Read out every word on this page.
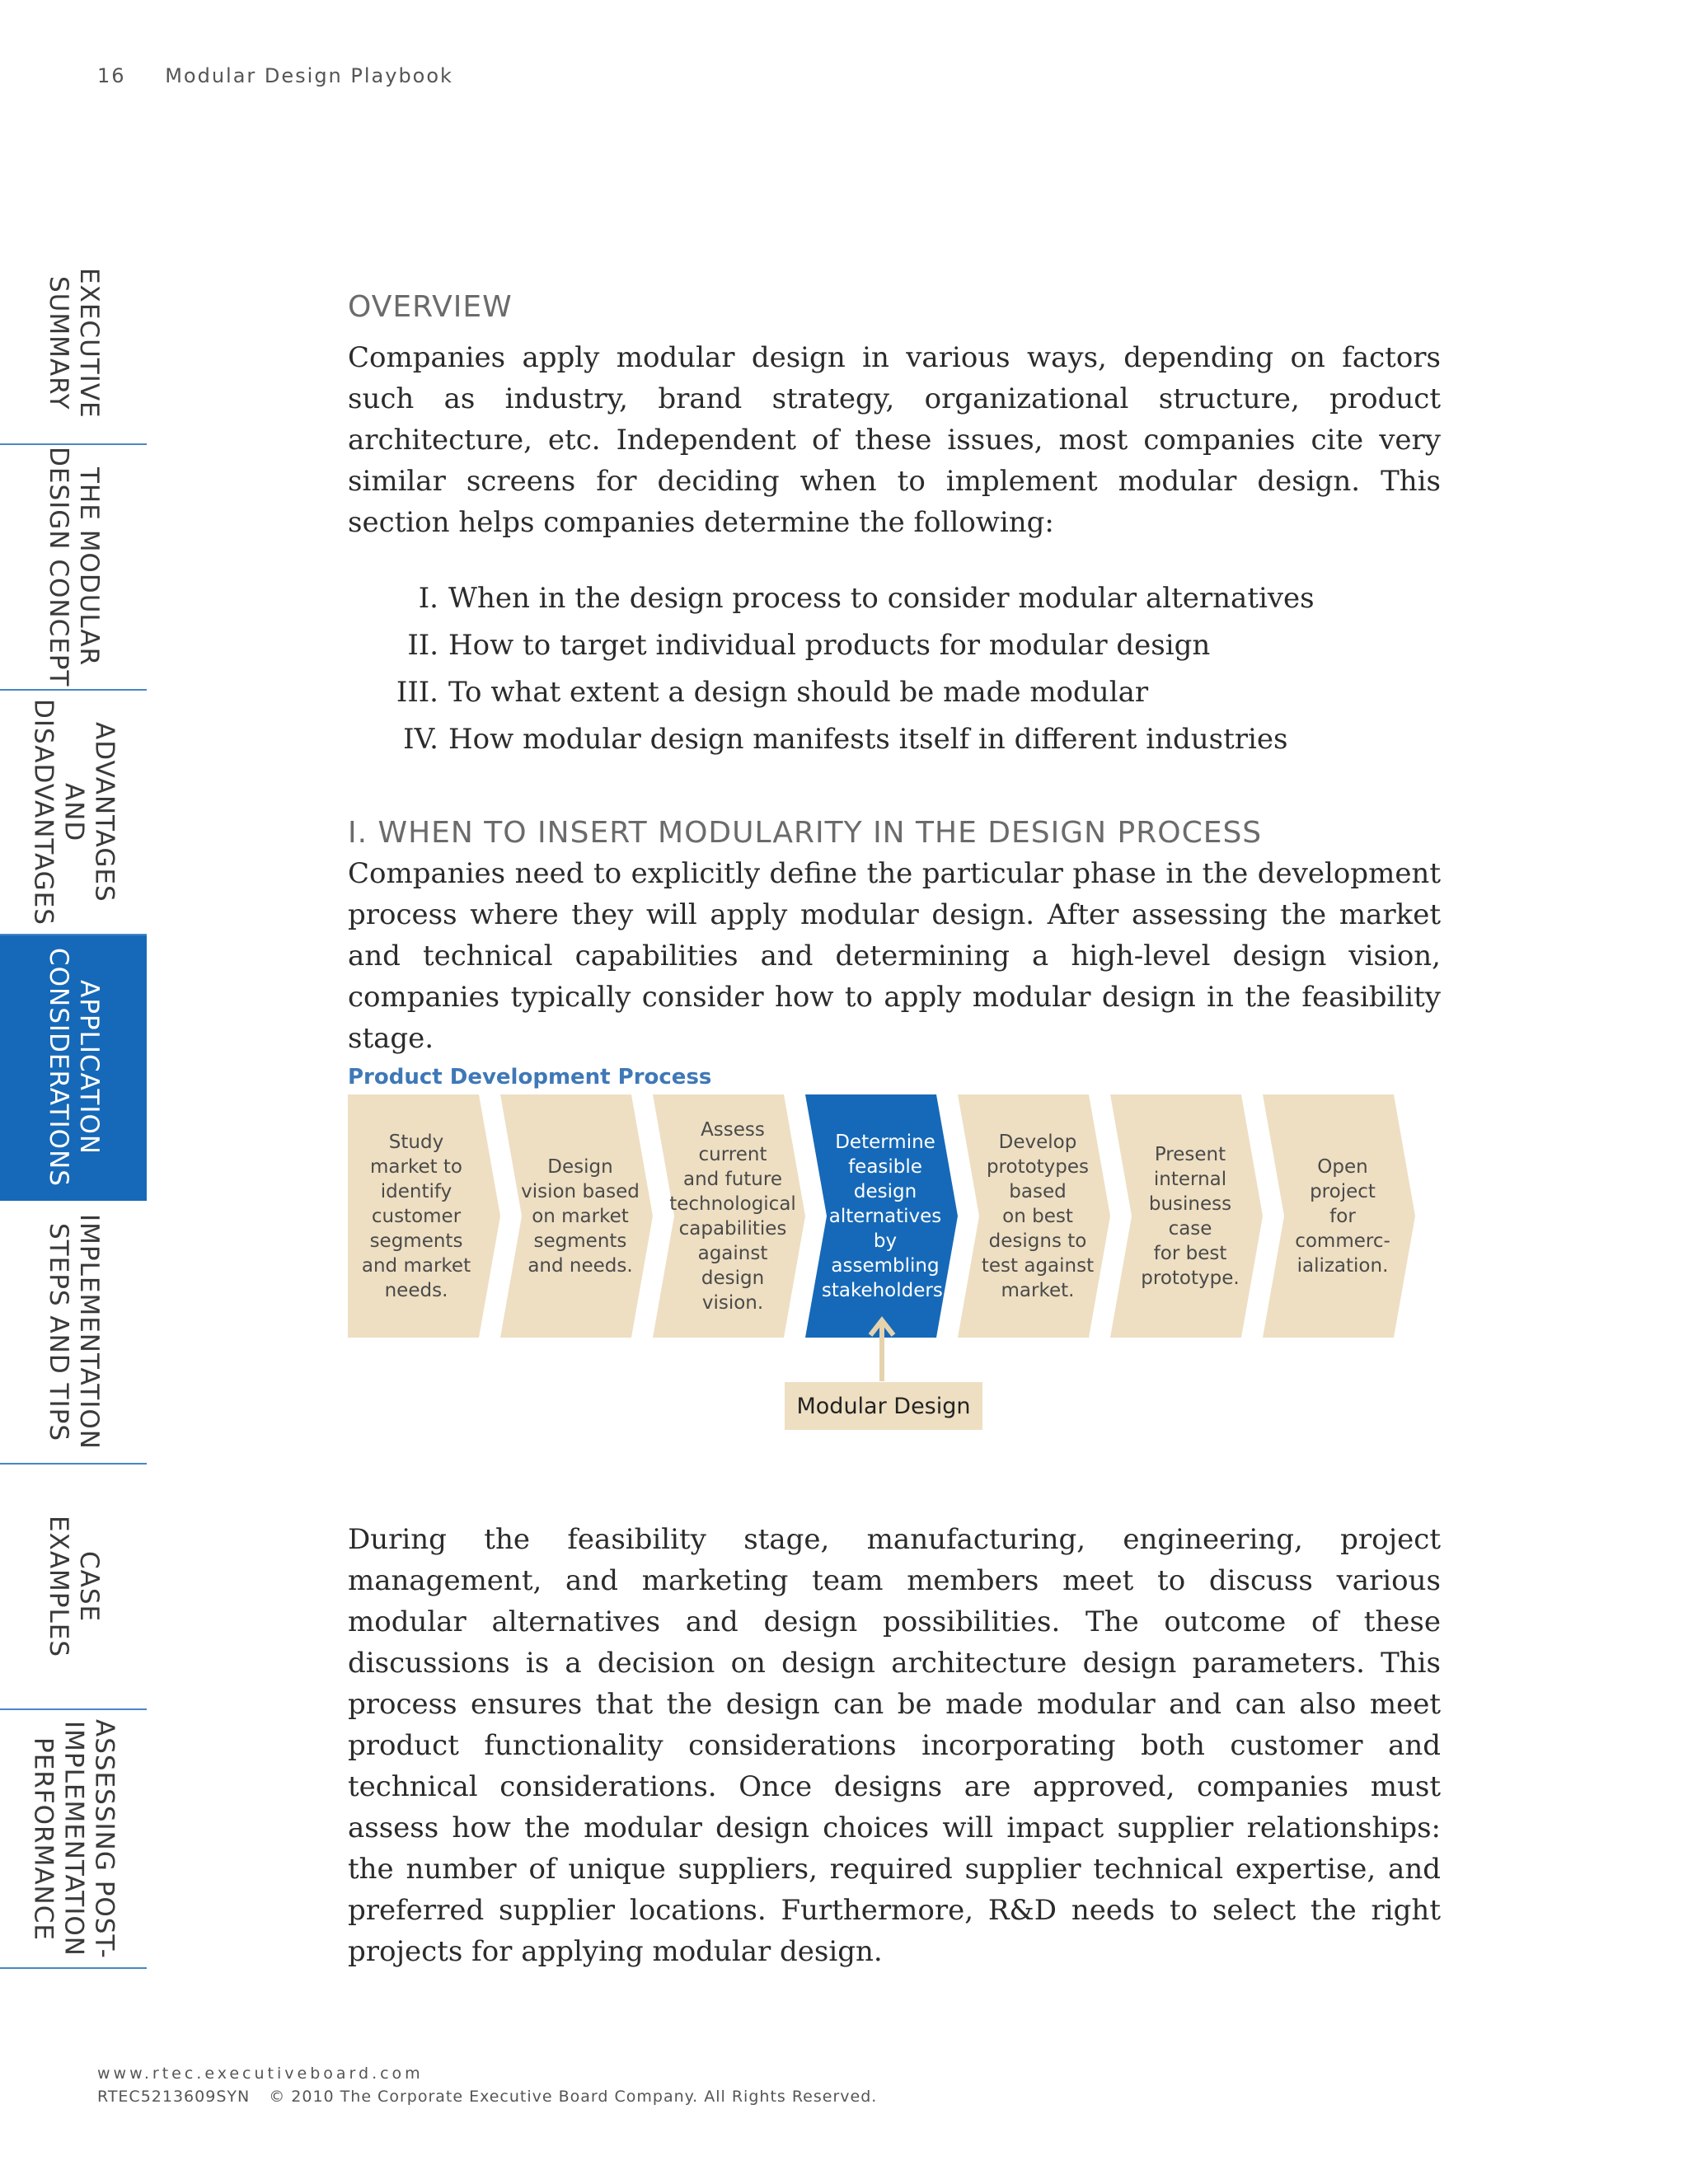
16 Modular Design Playbook
EXECUTIVE
SUMMARY
THE MODULAR
DESIGN CONCEPT
ADVANTAGES
AND
DISADVANTAGES
APPLICATION
CONSIDERATIONS
IMPLEMENTATION
STEPS AND TIPS
CASE
EXAMPLES
ASSESSING POST-
IMPLEMENTATION
PERFORMANCE
OVERVIEW

Companies apply modular design in various ways, depending on factors such as industry, brand strategy, organizational structure, product architecture, etc. Independent of these issues, most companies cite very similar screens for deciding when to implement modular design. This section helps companies determine the following:

I. When in the design process to consider modular alternatives
II. How to target individual products for modular design
III. To what extent a design should be made modular
IV. How modular design manifests itself in different industries
I. WHEN TO INSERT MODULARITY IN THE DESIGN PROCESS

Companies need to explicitly define the particular phase in the development process where they will apply modular design. After assessing the market and technical capabilities and determining a high-level design vision, companies typically consider how to apply modular design in the feasibility stage.

Product Development Process
Study
market to
identify
customer
segments
and market
needs.
Design
vision based
on market
segments
and needs.
Assess
current
and future
technological
capabilities
against
design
vision.
Determine
feasible
design
alternatives
by
assembling
stakeholders.
Develop
prototypes
based
on best
designs to
test against
market.
Present
internal
business
case
for best
prototype.
Open
project
for
commerc-
ialization.
Modular Design

During the feasibility stage, manufacturing, engineering, project management, and marketing team members meet to discuss various modular alternatives and design possibilities. The outcome of these discussions is a decision on design architecture design parameters. This process ensures that the design can be made modular and can also meet product functionality considerations incorporating both customer and technical considerations. Once designs are approved, companies must assess how the modular design choices will impact supplier relationships: the number of unique suppliers, required supplier technical expertise, and preferred supplier locations. Furthermore, R&D needs to select the right projects for applying modular design.

www.rtec.executiveboard.com
RTEC5213609SYN © 2010 The Corporate Executive Board Company. All Rights Reserved.
